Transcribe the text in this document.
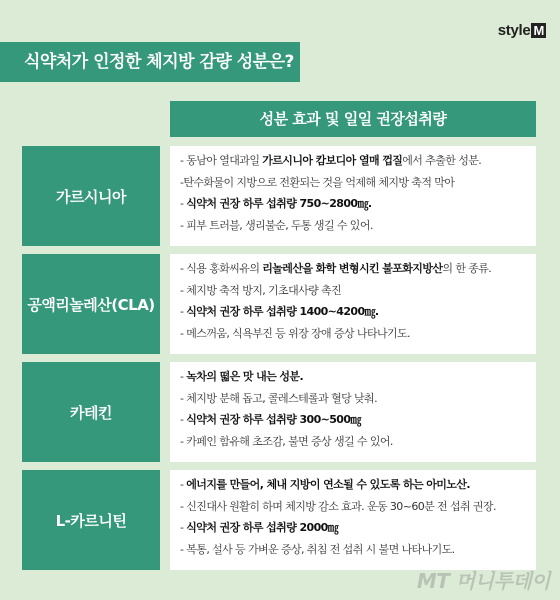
style M
식약처가 인정한 체지방 감량 성분은?
성분 효과 및 일일 권장섭취량
가르시니아
- 동남아 열대과일 가르시니아 캄보디아 열매 껍질에서 추출한 성분.
-탄수화물이 지방으로 전환되는 것을 억제해 체지방 축적 막아
- 식약처 권장 하루 섭취량 750~2800㎎.
- 피부 트러블, 생리불순, 두통 생길 수 있어.
공액리놀레산(CLA)
- 식용 홍화씨유의 리놀레산을 화학 변형시킨 불포화지방산의 한 종류.
- 체지방 축적 방지, 기초대사량 촉진
- 식약처 권장 하루 섭취량 1400~4200㎎.
- 메스꺼움, 식욕부진 등 위장 장애 증상 나타나기도.
카테킨
- 녹차의 떫은 맛 내는 성분.
- 체지방 분해 돕고, 콜레스테롤과 혈당 낮춰.
- 식약처 권장 하루 섭취량 300~500㎎
- 카페인 함유해 초조감, 불면 증상 생길 수 있어.
L-카르니틴
- 에너지를 만들어, 체내 지방이 연소될 수 있도록 하는 아미노산.
- 신진대사 원활히 하며 체지방 감소 효과. 운동 30~60분 전 섭취 권장.
- 식약처 권장 하루 섭취량 2000㎎
- 복통, 설사 등 가벼운 증상, 취침 전 섭취 시 불면 나타나기도.
MT 머니투데이
